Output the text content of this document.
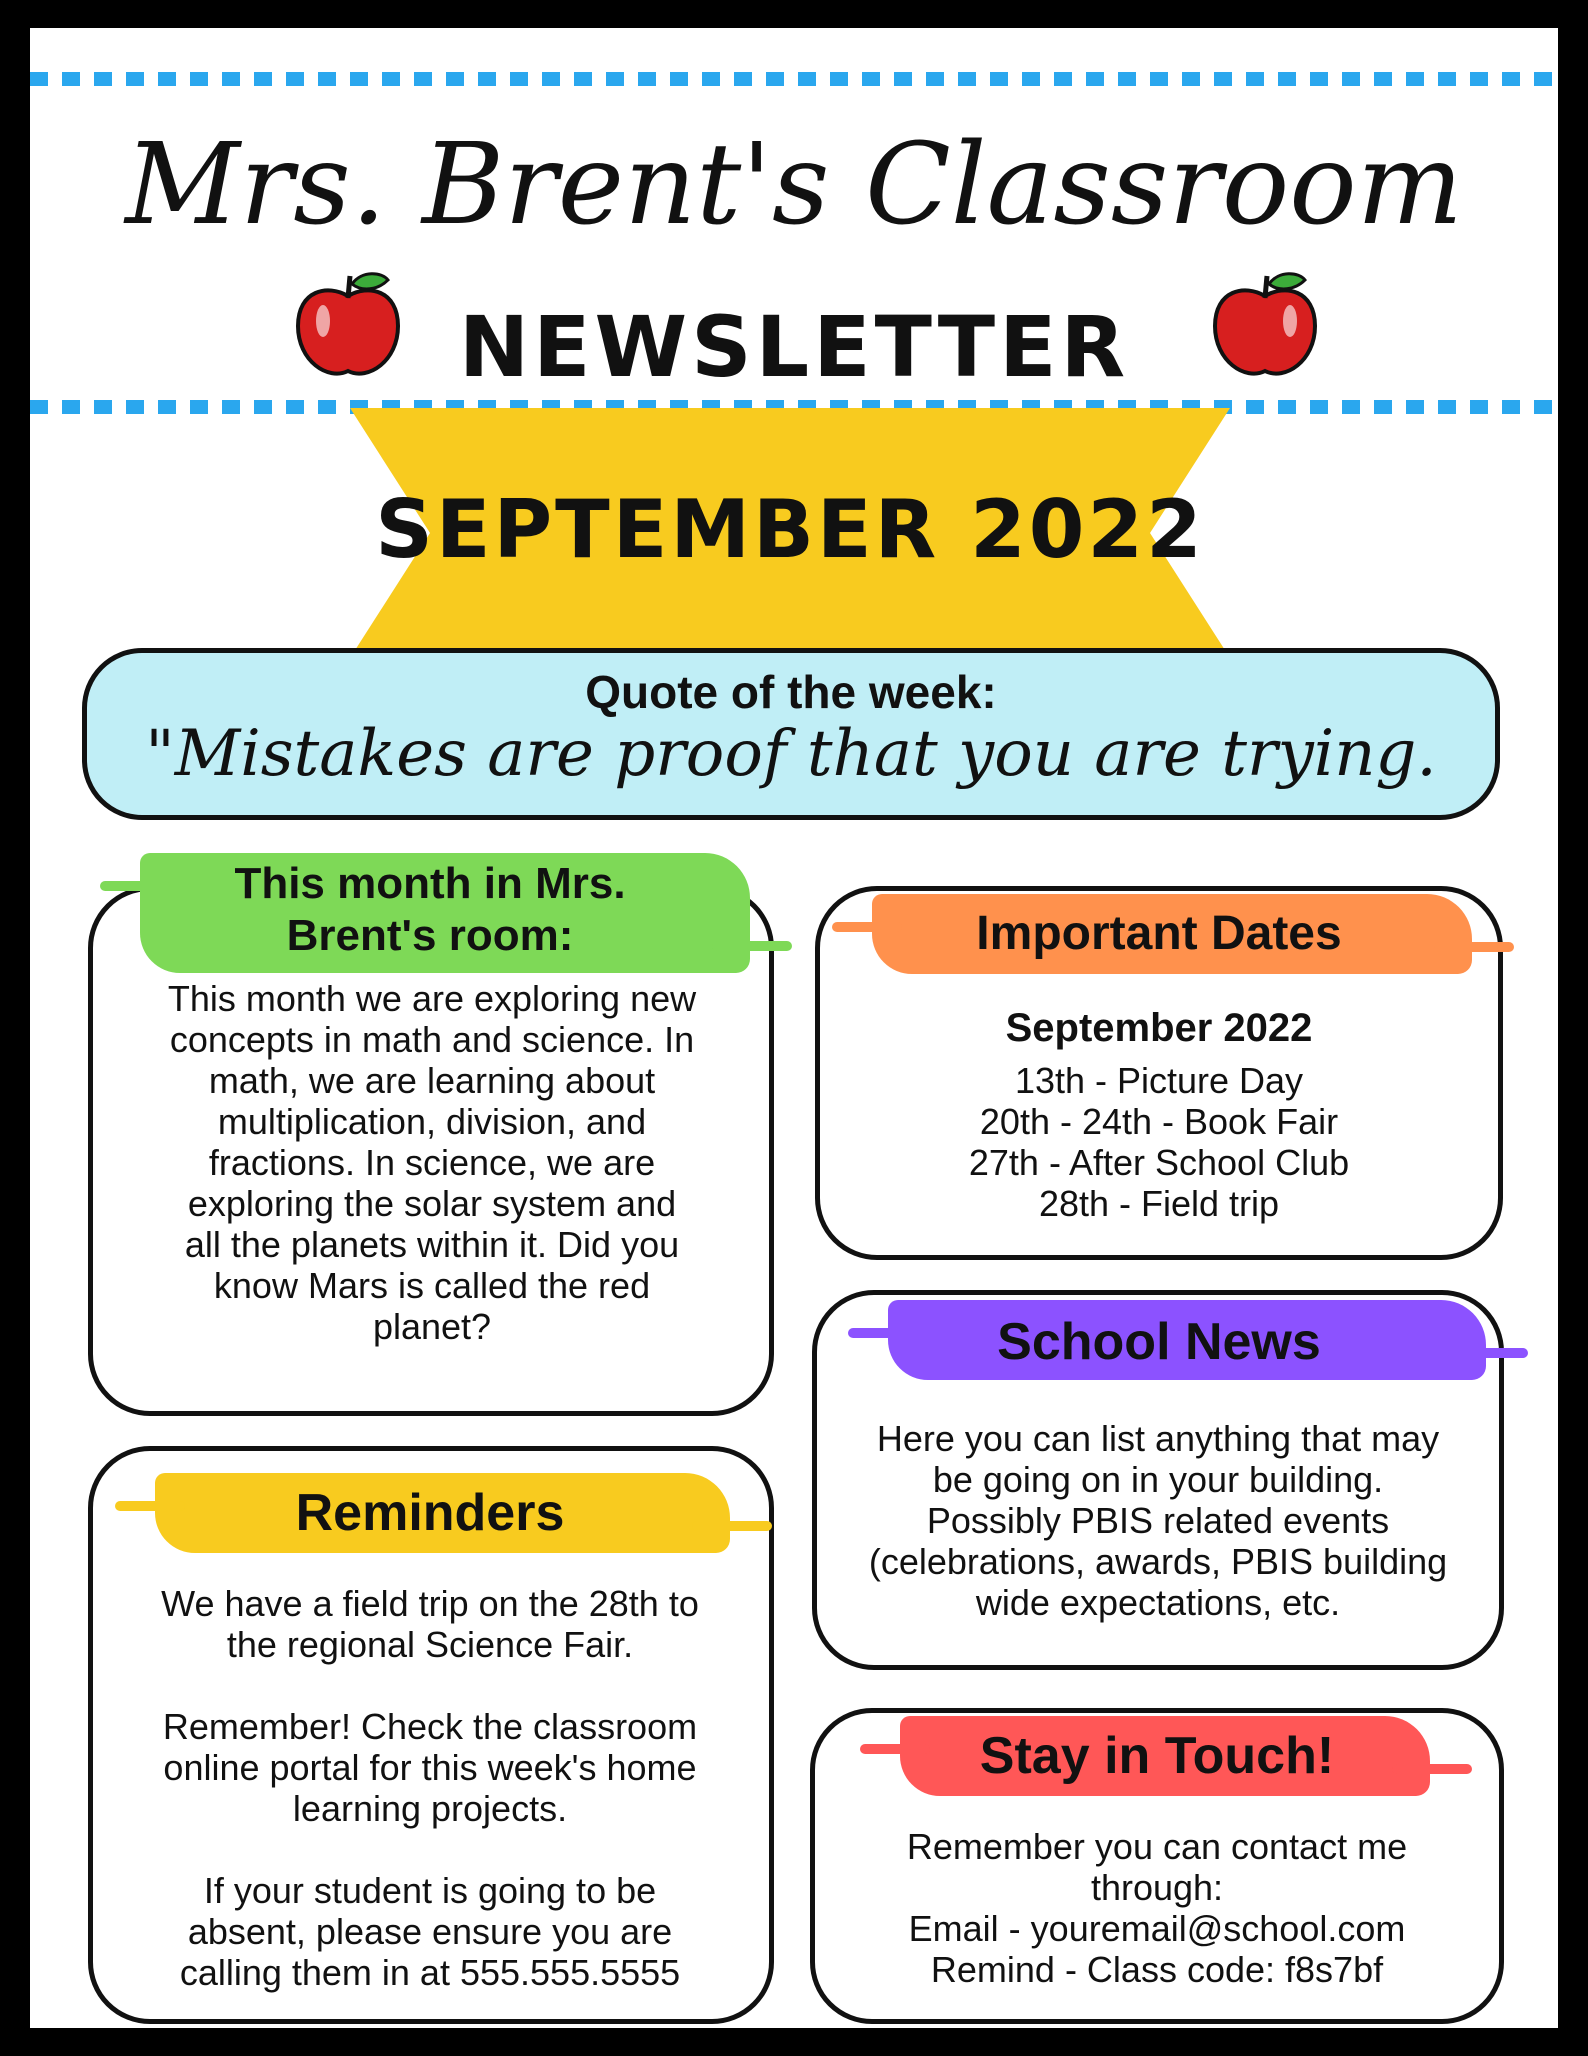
Mrs. Brent's Classroom
NEWSLETTER
SEPTEMBER 2022
Quote of the week:
"Mistakes are proof that you are trying.
This month in Mrs.
Brent's room:
This month we are exploring new
concepts in math and science. In
math, we are learning about
multiplication, division, and
fractions. In science, we are
exploring the solar system and
all the planets within it. Did you
know Mars is called the red
planet?
Important Dates
September 2022
13th - Picture Day
20th - 24th - Book Fair
27th - After School Club
28th - Field trip
School News
Here you can list anything that may
be going on in your building.
Possibly PBIS related events
(celebrations, awards, PBIS building
wide expectations, etc.
Reminders
We have a field trip on the 28th to
the regional Science Fair.

Remember! Check the classroom
online portal for this week's home
learning projects.

If your student is going to be
absent, please ensure you are
calling them in at 555.555.5555
Stay in Touch!
Remember you can contact me
through:
Email - youremail@school.com
Remind - Class code: f8s7bf
